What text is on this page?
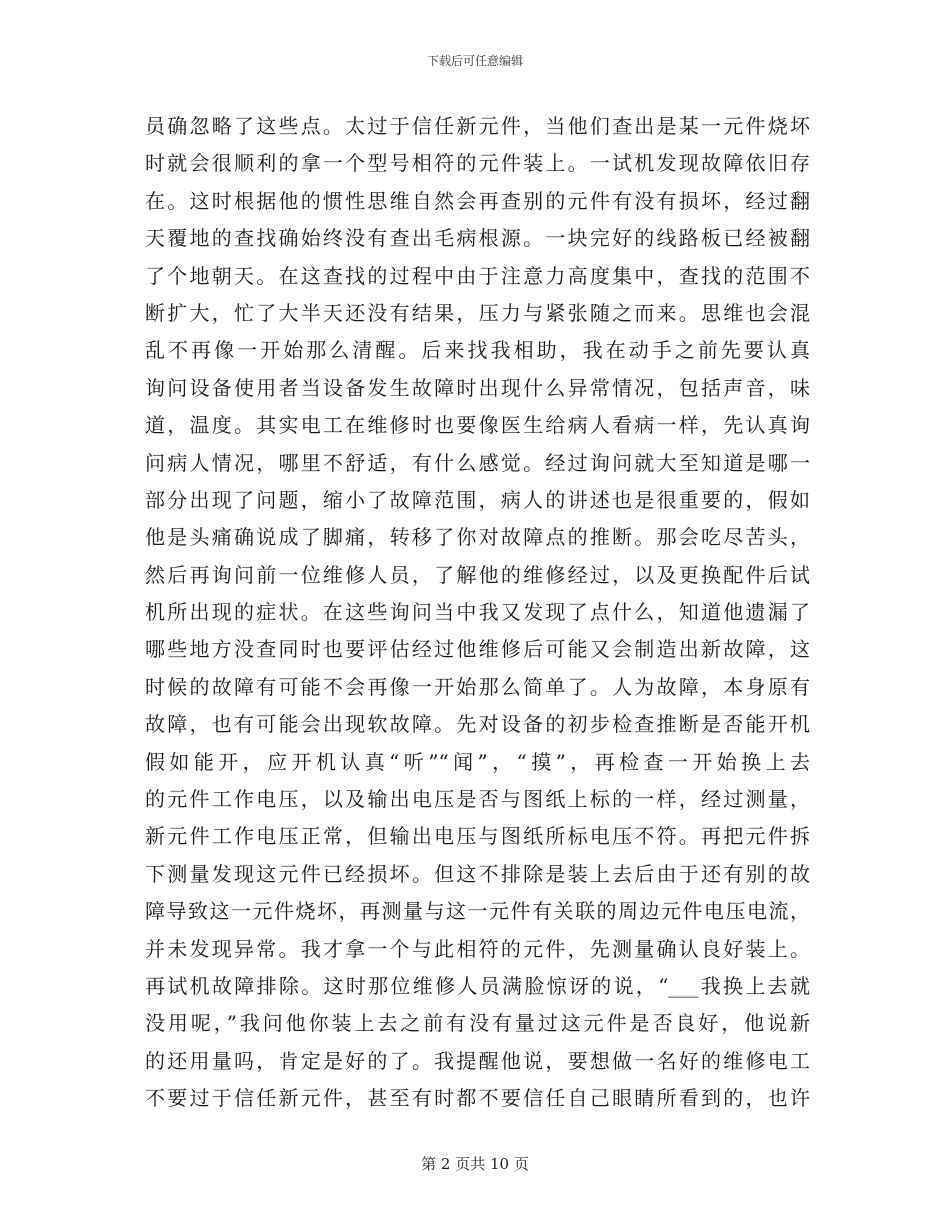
下载后可任意编辑
员确忽略了这些点。太过于信任新元件，当他们查出是某一元件烧坏
时就会很顺利的拿一个型号相符的元件装上。一试机发现故障依旧存
在。这时根据他的惯性思维自然会再查别的元件有没有损坏，经过翻
天覆地的查找确始终没有查出毛病根源。一块完好的线路板已经被翻
了个地朝天。在这查找的过程中由于注意力高度集中，查找的范围不
断扩大，忙了大半天还没有结果，压力与紧张随之而来。思维也会混
乱不再像一开始那么清醒。后来找我相助，我在动手之前先要认真
询问设备使用者当设备发生故障时出现什么异常情况，包括声音，味
道，温度。其实电工在维修时也要像医生给病人看病一样，先认真询
问病人情况，哪里不舒适，有什么感觉。经过询问就大至知道是哪一
部分出现了问题，缩小了故障范围，病人的讲述也是很重要的，假如
他是头痛确说成了脚痛，转移了你对故障点的推断。那会吃尽苦头，
然后再询问前一位维修人员，了解他的维修经过，以及更换配件后试
机所出现的症状。在这些询问当中我又发现了点什么，知道他遗漏了
哪些地方没查同时也要评估经过他维修后可能又会制造出新故障，这
时候的故障有可能不会再像一开始那么简单了。人为故障，本身原有
故障，也有可能会出现软故障。先对设备的初步检查推断是否能开机
假如能开，应开机认真“听”“闻”，“摸”，再检查一开始换上去
的元件工作电压，以及输出电压是否与图纸上标的一样，经过测量，
新元件工作电压正常，但输出电压与图纸所标电压不符。再把元件拆
下测量发现这元件已经损坏。但这不排除是装上去后由于还有别的故
障导致这一元件烧坏，再测量与这一元件有关联的周边元件电压电流，
并未发现异常。我才拿一个与此相符的元件，先测量确认良好装上。
再试机故障排除。这时那位维修人员满脸惊讶的说，“___我换上去就
没用呢，”我问他你装上去之前有没有量过这元件是否良好，他说新
的还用量吗，肯定是好的了。我提醒他说，要想做一名好的维修电工
不要过于信任新元件，甚至有时都不要信任自己眼睛所看到的，也许
第 2 页共 10 页
